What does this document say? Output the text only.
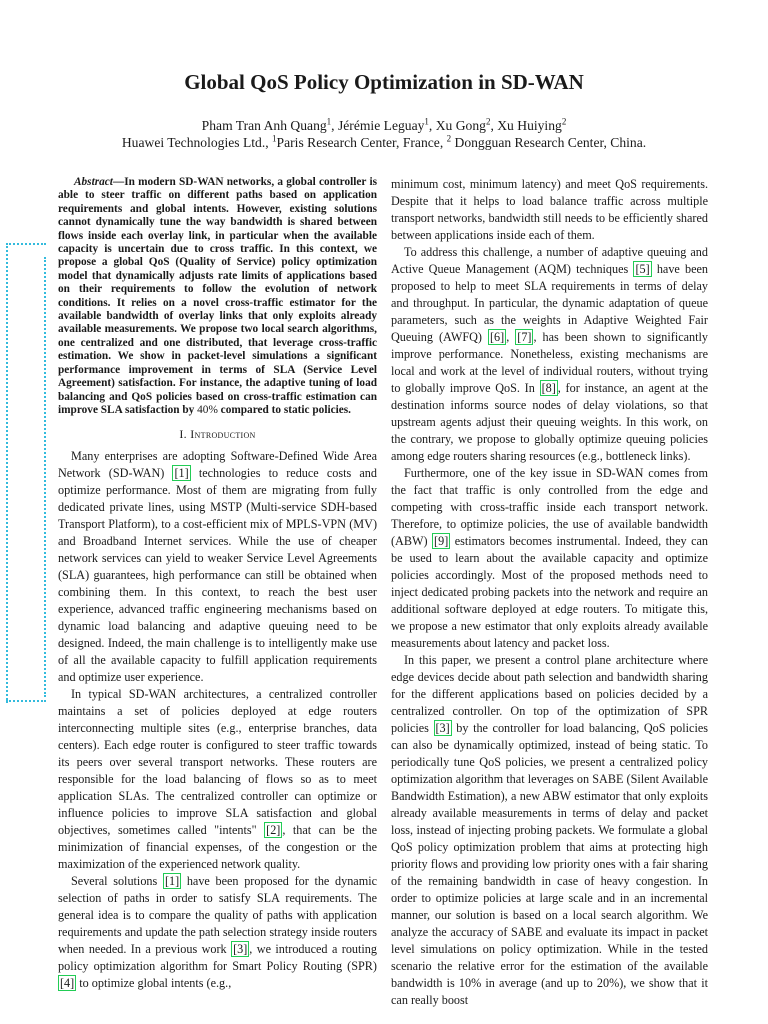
Global QoS Policy Optimization in SD-WAN
Pham Tran Anh Quang$^1$, Jérémie Leguay$^1$, Xu Gong$^2$, Xu Huiying$^2$
Huawei Technologies Ltd., $^1$Paris Research Center, France, $^2$ Dongguan Research Center, China.

Abstract—In modern SD-WAN networks, a global controller is able to steer traffic on different paths based on application requirements and global intents. However, existing solutions cannot dynamically tune the way bandwidth is shared between flows inside each overlay link, in particular when the available capacity is uncertain due to cross traffic. In this context, we propose a global QoS (Quality of Service) policy optimization model that dynamically adjusts rate limits of applications based on their requirements to follow the evolution of network conditions. It relies on a novel cross-traffic estimator for the available bandwidth of overlay links that only exploits already available measurements. We propose two local search algorithms, one centralized and one distributed, that leverage cross-traffic estimation. We show in packet-level simulations a significant performance improvement in terms of SLA (Service Level Agreement) satisfaction. For instance, the adaptive tuning of load balancing and QoS policies based on cross-traffic estimation can improve SLA satisfaction by 40% compared to static policies.

I. Introduction

Many enterprises are adopting Software-Defined Wide Area Network (SD-WAN) [1] technologies to reduce costs and optimize performance. Most of them are migrating from fully dedicated private lines, using MSTP (Multi-service SDH-based Transport Platform), to a cost-efficient mix of MPLS-VPN (MV) and Broadband Internet services. While the use of cheaper network services can yield to weaker Service Level Agreements (SLA) guarantees, high performance can still be obtained when combining them. In this context, to reach the best user experience, advanced traffic engineering mechanisms based on dynamic load balancing and adaptive queuing need to be designed. Indeed, the main challenge is to intelligently make use of all the available capacity to fulfill application requirements and optimize user experience.

In typical SD-WAN architectures, a centralized controller maintains a set of policies deployed at edge routers interconnecting multiple sites (e.g., enterprise branches, data centers). Each edge router is configured to steer traffic towards its peers over several transport networks. These routers are responsible for the load balancing of flows so as to meet application SLAs. The centralized controller can optimize or influence policies to improve SLA satisfaction and global objectives, sometimes called "intents" [2] , that can be the minimization of financial expenses, of the congestion or the maximization of the experienced network quality.

Several solutions [1] have been proposed for the dynamic selection of paths in order to satisfy SLA requirements. The general idea is to compare the quality of paths with application requirements and update the path selection strategy inside routers when needed. In a previous work [3] , we introduced a routing policy optimization algorithm for Smart Policy Routing (SPR) [4] to optimize global intents (e.g.,

minimum cost, minimum latency) and meet QoS requirements. Despite that it helps to load balance traffic across multiple transport networks, bandwidth still needs to be efficiently shared between applications inside each of them.

To address this challenge, a number of adaptive queuing and Active Queue Management (AQM) techniques [5] have been proposed to help to meet SLA requirements in terms of delay and throughput. In particular, the dynamic adaptation of queue parameters, such as the weights in Adaptive Weighted Fair Queuing (AWFQ) [6] , [7] , has been shown to significantly improve performance. Nonetheless, existing mechanisms are local and work at the level of individual routers, without trying to globally improve QoS. In [8] , for instance, an agent at the destination informs source nodes of delay violations, so that upstream agents adjust their queuing weights. In this work, on the contrary, we propose to globally optimize queuing policies among edge routers sharing resources (e.g., bottleneck links).

Furthermore, one of the key issue in SD-WAN comes from the fact that traffic is only controlled from the edge and competing with cross-traffic inside each transport network. Therefore, to optimize policies, the use of available bandwidth (ABW) [9] estimators becomes instrumental. Indeed, they can be used to learn about the available capacity and optimize policies accordingly. Most of the proposed methods need to inject dedicated probing packets into the network and require an additional software deployed at edge routers. To mitigate this, we propose a new estimator that only exploits already available measurements about latency and packet loss.

In this paper, we present a control plane architecture where edge devices decide about path selection and bandwidth sharing for the different applications based on policies decided by a centralized controller. On top of the optimization of SPR policies [3] by the controller for load balancing, QoS policies can also be dynamically optimized, instead of being static. To periodically tune QoS policies, we present a centralized policy optimization algorithm that leverages on SABE (Silent Available Bandwidth Estimation), a new ABW estimator that only exploits already available measurements in terms of delay and packet loss, instead of injecting probing packets. We formulate a global QoS policy optimization problem that aims at protecting high priority flows and providing low priority ones with a fair sharing of the remaining bandwidth in case of heavy congestion. In order to optimize policies at large scale and in an incremental manner, our solution is based on a local search algorithm. We analyze the accuracy of SABE and evaluate its impact in packet level simulations on policy optimization. While in the tested scenario the relative error for the estimation of the available bandwidth is 10% in average (and up to 20%), we show that it can really boost
